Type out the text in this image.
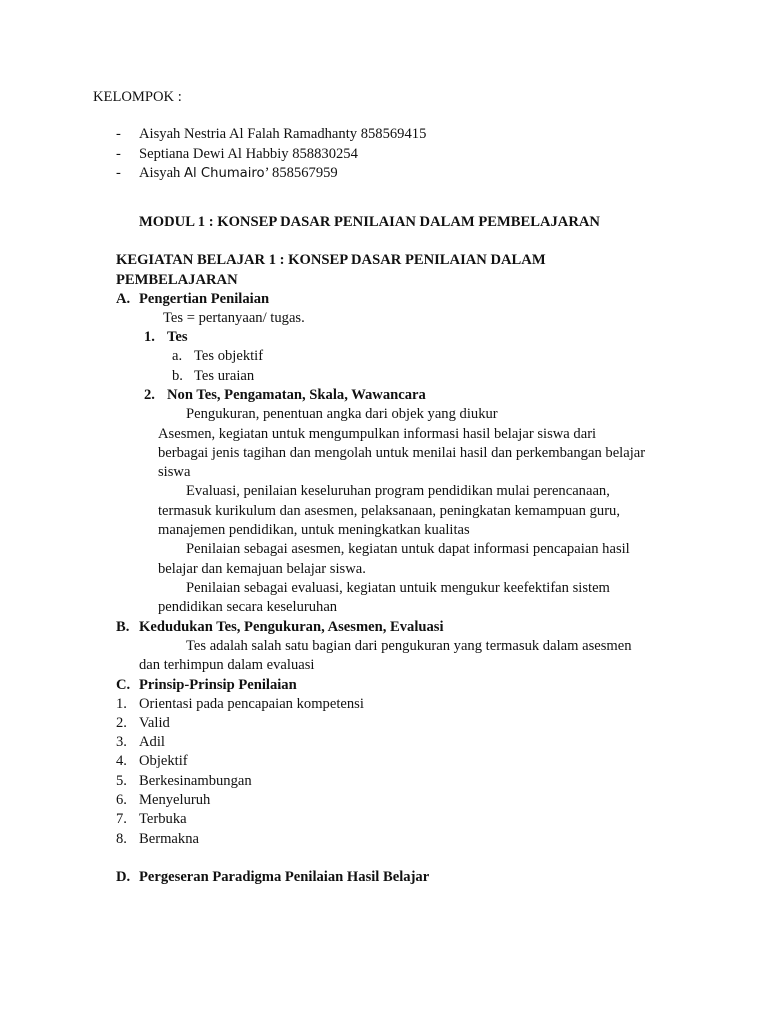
KELOMPOK :
- Aisyah Nestria Al Falah Ramadhanty 858569415
- Septiana Dewi Al Habbiy 858830254
- Aisyah Al Chumairo’ 858567959
MODUL 1 : KONSEP DASAR PENILAIAN DALAM PEMBELAJARAN
KEGIATAN BELAJAR 1 : KONSEP DASAR PENILAIAN DALAM
PEMBELAJARAN
A. Pengertian Penilaian
Tes = pertanyaan/ tugas.
1. Tes
a. Tes objektif
b. Tes uraian
2. Non Tes, Pengamatan, Skala, Wawancara
Pengukuran, penentuan angka dari objek yang diukur
Asesmen, kegiatan untuk mengumpulkan informasi hasil belajar siswa dari
berbagai jenis tagihan dan mengolah untuk menilai hasil dan perkembangan belajar
siswa
Evaluasi, penilaian keseluruhan program pendidikan mulai perencanaan,
termasuk kurikulum dan asesmen, pelaksanaan, peningkatan kemampuan guru,
manajemen pendidikan, untuk meningkatkan kualitas
Penilaian sebagai asesmen, kegiatan untuk dapat informasi pencapaian hasil
belajar dan kemajuan belajar siswa.
Penilaian sebagai evaluasi, kegiatan untuik mengukur keefektifan sistem
pendidikan secara keseluruhan
B. Kedudukan Tes, Pengukuran, Asesmen, Evaluasi
Tes adalah salah satu bagian dari pengukuran yang termasuk dalam asesmen
dan terhimpun dalam evaluasi
C. Prinsip-Prinsip Penilaian
1. Orientasi pada pencapaian kompetensi
2. Valid
3. Adil
4. Objektif
5. Berkesinambungan
6. Menyeluruh
7. Terbuka
8. Bermakna
D. Pergeseran Paradigma Penilaian Hasil Belajar
